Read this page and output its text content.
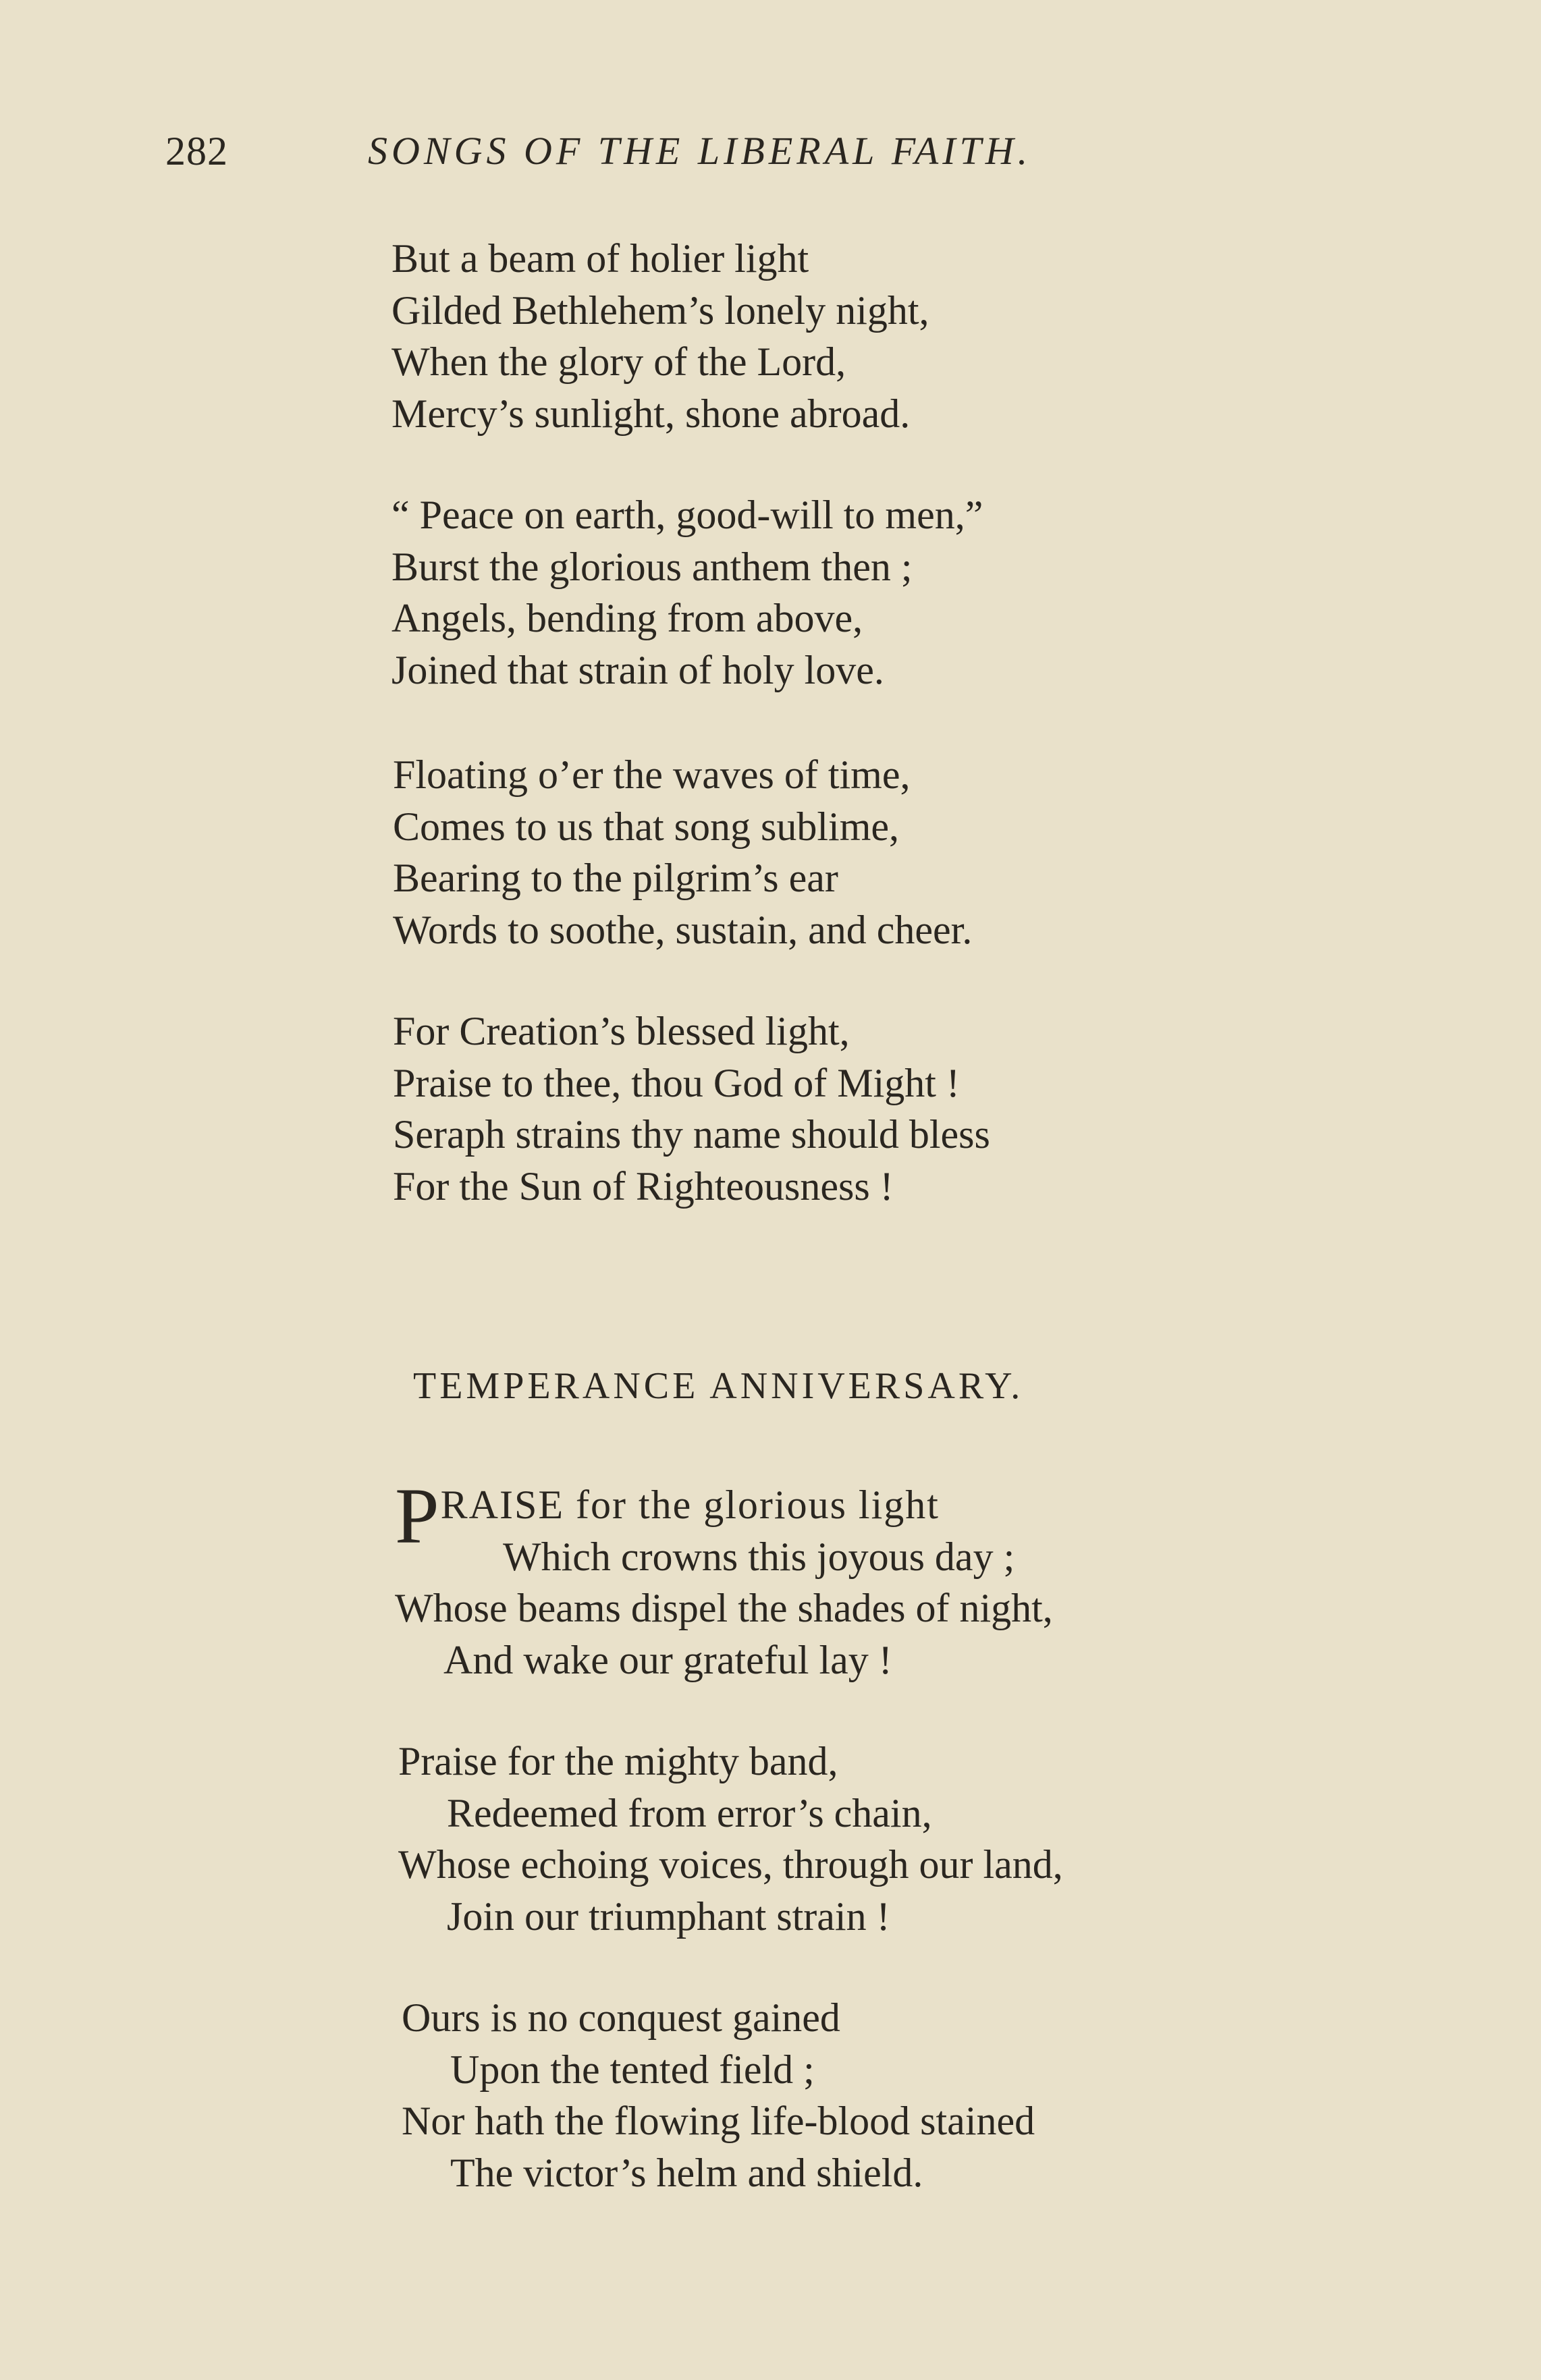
282	SONGS OF THE LIBERAL FAITH.
But a beam of holier light
Gilded Bethlehem’s lonely night,
When the glory of the Lord,
Mercy’s sunlight, shone abroad.
“ Peace on earth, good-will to men,”
Burst the glorious anthem then ;
Angels, bending from above,
Joined that strain of holy love.
Floating o’er the waves of time,
Comes to us that song sublime,
Bearing to the pilgrim’s ear
Words to soothe, sustain, and cheer.
For Creation’s blessed light,
Praise to thee, thou God of Might !
Seraph strains thy name should bless
For the Sun of Righteousness !
TEMPERANCE ANNIVERSARY.
PRAISE for the glorious light
Which crowns this joyous day ;
Whose beams dispel the shades of night,
And wake our grateful lay !
Praise for the mighty band,
Redeemed from error’s chain,
Whose echoing voices, through our land,
Join our triumphant strain !
Ours is no conquest gained
Upon the tented field ;
Nor hath the flowing life-blood stained
The victor’s helm and shield.
